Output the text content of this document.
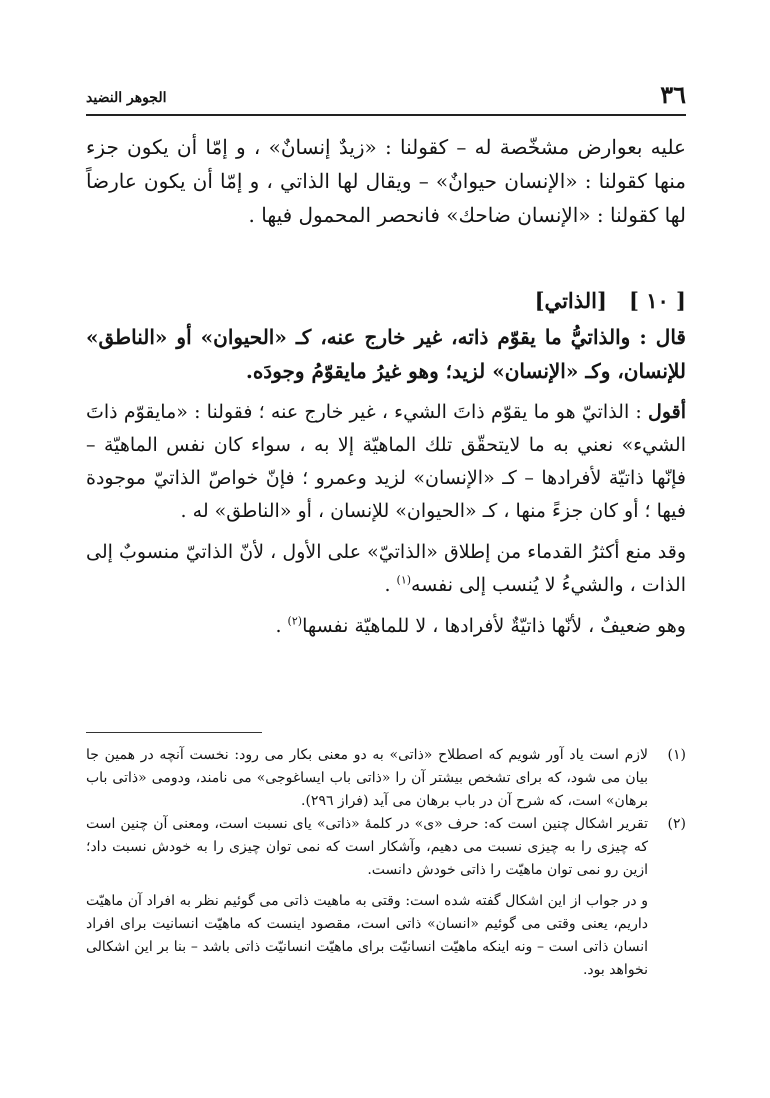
٣٦
الجوهر النضيد

عليه بعوارض مشخّصة له – كقولنا : «زيدٌ إنسانٌ» ، و إمّا أن يكون جزء منها كقولنا : «الإنسان حيوانٌ» – ويقال لها الذاتي ، و إمّا أن يكون عارضاً لها كقولنا : «الإنسان ضاحك» فانحصر المحمول فيها .

[ ١٠ ][الذاتي]

قال : والذاتيُّ ما يقوّم ذاته، غير خارج عنه، كـ «الحيوان» أو «الناطق» للإنسان، وكـ «الإنسان» لزيد؛ وهو غيرُ مايقوّمُ وجودَه.

أقول : الذاتيّ هو ما يقوّم ذاتَ الشيء ، غير خارج عنه ؛ فقولنا : «مايقوّم ذاتَ الشيء» نعني به ما لايتحقّق تلك الماهيّة إلا به ، سواء كان نفس الماهيّة – فإنّها ذاتيّة لأفرادها – كـ «الإنسان» لزيد وعمرو ؛ فإنّ خواصّ الذاتيّ موجودة فيها ؛ أو كان جزءً منها ، كـ «الحيوان» للإنسان ، أو «الناطق» له .

وقد منع أكثرُ القدماء من إطلاق «الذاتيّ» على الأول ، لأنّ الذاتيّ منسوبٌ إلى الذات ، والشيءُ لا يُنسب إلى نفسه$^{(١)}$ .

وهو ضعيفٌ ، لأنّها ذاتيّةٌ لأفرادها ، لا للماهيّة نفسها$^{(٢)}$ .

(١)
لازم است ياد آور شويم كه اصطلاح «ذاتى» به دو معنى بكار مى رود: نخست آنچه در همين جا بيان مى شود، كه براى تشخص بيشتر آن را «ذاتى باب ايساغوجى» مى نامند، ودومى «ذاتى باب برهان» است، كه شرح آن در باب برهان مى آيد (فراز ٢٩٦).

(٢)
تقرير اشكال چنين است كه: حرف «ى» در كلمهٔ «ذاتى» ياى نسبت است، ومعنى آن چنين است كه چيزى را به چيزى نسبت مى دهيم، وآشكار است كه نمى توان چيزى را به خودش نسبت داد؛ ازين رو نمى توان ماهيّت را ذاتى خودش دانست.

و در جواب از اين اشكال گفته شده است: وقتى به ماهيت ذاتى مى گوئيم نظر به افراد آن ماهيّت داريم، يعنى وقتى مى گوئيم «انسان» ذاتى است، مقصود اينست كه ماهيّت انسانيت براى افراد انسان ذاتى است – ونه اينكه ماهيّت انسانيّت براى ماهيّت انسانيّت ذاتى باشد – بنا بر اين اشكالى نخواهد بود.
